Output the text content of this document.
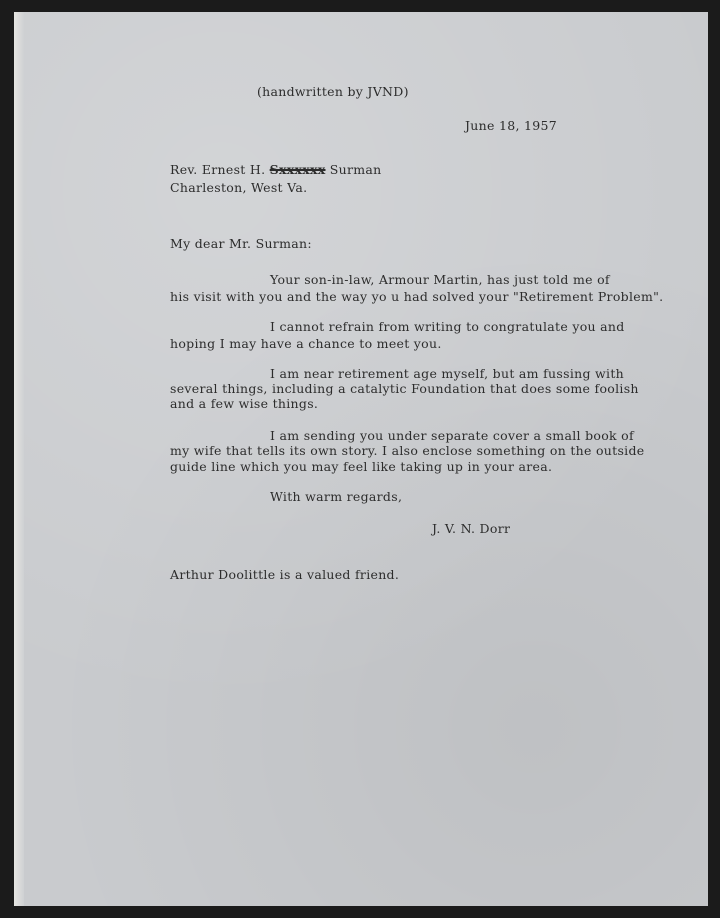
(handwritten by JVND)
June 18, 1957
Rev. Ernest H. Sxxxxxx Surman
Charleston, West Va.
My dear Mr. Surman:
Your son-in-law, Armour Martin, has just told me of
his visit with you and the way yo u had solved your "Retirement Problem".
I cannot refrain from writing to congratulate you and
hoping I may have a chance to meet you.
I am near retirement age myself, but am fussing with
several things, including a catalytic Foundation that does some foolish
and a few wise things.
I am sending you under separate cover a small book of
my wife that tells its own story. I also enclose something on the outside
guide line which you may feel like taking up in your area.
With warm regards,
J. V. N. Dorr
Arthur Doolittle is a valued friend.
